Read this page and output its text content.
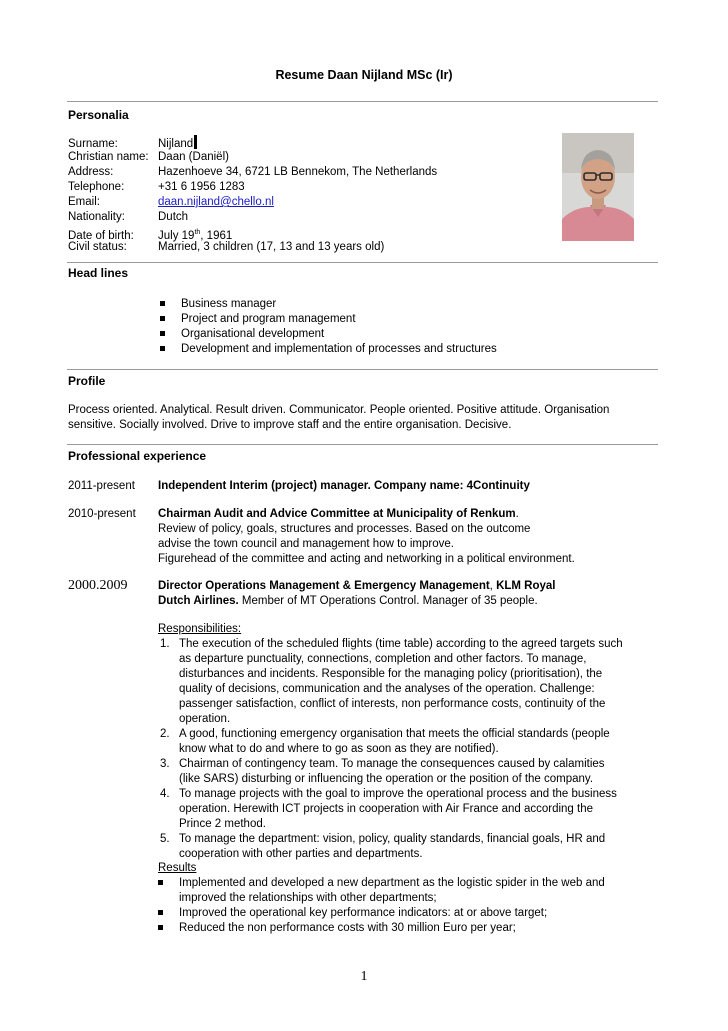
Resume Daan Nijland MSc (Ir)
Personalia
Surname:	Nijland
Christian name: Daan (Daniël)
Address:	Hazenhoeve 34, 6721 LB Bennekom, The Netherlands
Telephone:	+31 6 1956 1283
Email:	daan.nijland@chello.nl
Nationality:	Dutch
Date of birth: July 19th, 1961
Civil status:	Married, 3 children (17, 13 and 13 years old)
Head lines
Business manager
Project and program management
Organisational development
Development and implementation of processes and structures
Profile
Process oriented. Analytical. Result driven. Communicator. People oriented. Positive attitude. Organisation
sensitive. Socially involved. Drive to improve staff and the entire organisation. Decisive.
Professional experience
2011-present Independent Interim (project) manager. Company name: 4Continuity
2010-present Chairman Audit and Advice Committee at Municipality of Renkum.
Review of policy, goals, structures and processes. Based on the outcome
advise the town council and management how to improve.
Figurehead of the committee and acting and networking in a political environment.
2000.2009	Director Operations Management & Emergency Management, KLM Royal
Dutch Airlines. Member of MT Operations Control. Manager of 35 people.
Responsibilities:
1. The execution of the scheduled flights (time table) according to the agreed targets such
as departure punctuality, connections, completion and other factors. To manage,
disturbances and incidents. Responsible for the managing policy (prioritisation), the
quality of decisions, communication and the analyses of the operation. Challenge:
passenger satisfaction, conflict of interests, non performance costs, continuity of the
operation.
2. A good, functioning emergency organisation that meets the official standards (people
know what to do and where to go as soon as they are notified).
3. Chairman of contingency team. To manage the consequences caused by calamities
(like SARS) disturbing or influencing the operation or the position of the company.
4. To manage projects with the goal to improve the operational process and the business
operation. Herewith ICT projects in cooperation with Air France and according the
Prince 2 method.
5. To manage the department: vision, policy, quality standards, financial goals, HR and
cooperation with other parties and departments.
Results
Implemented and developed a new department as the logistic spider in the web and
improved the relationships with other departments;
Improved the operational key performance indicators: at or above target;
Reduced the non performance costs with 30 million Euro per year;
1
